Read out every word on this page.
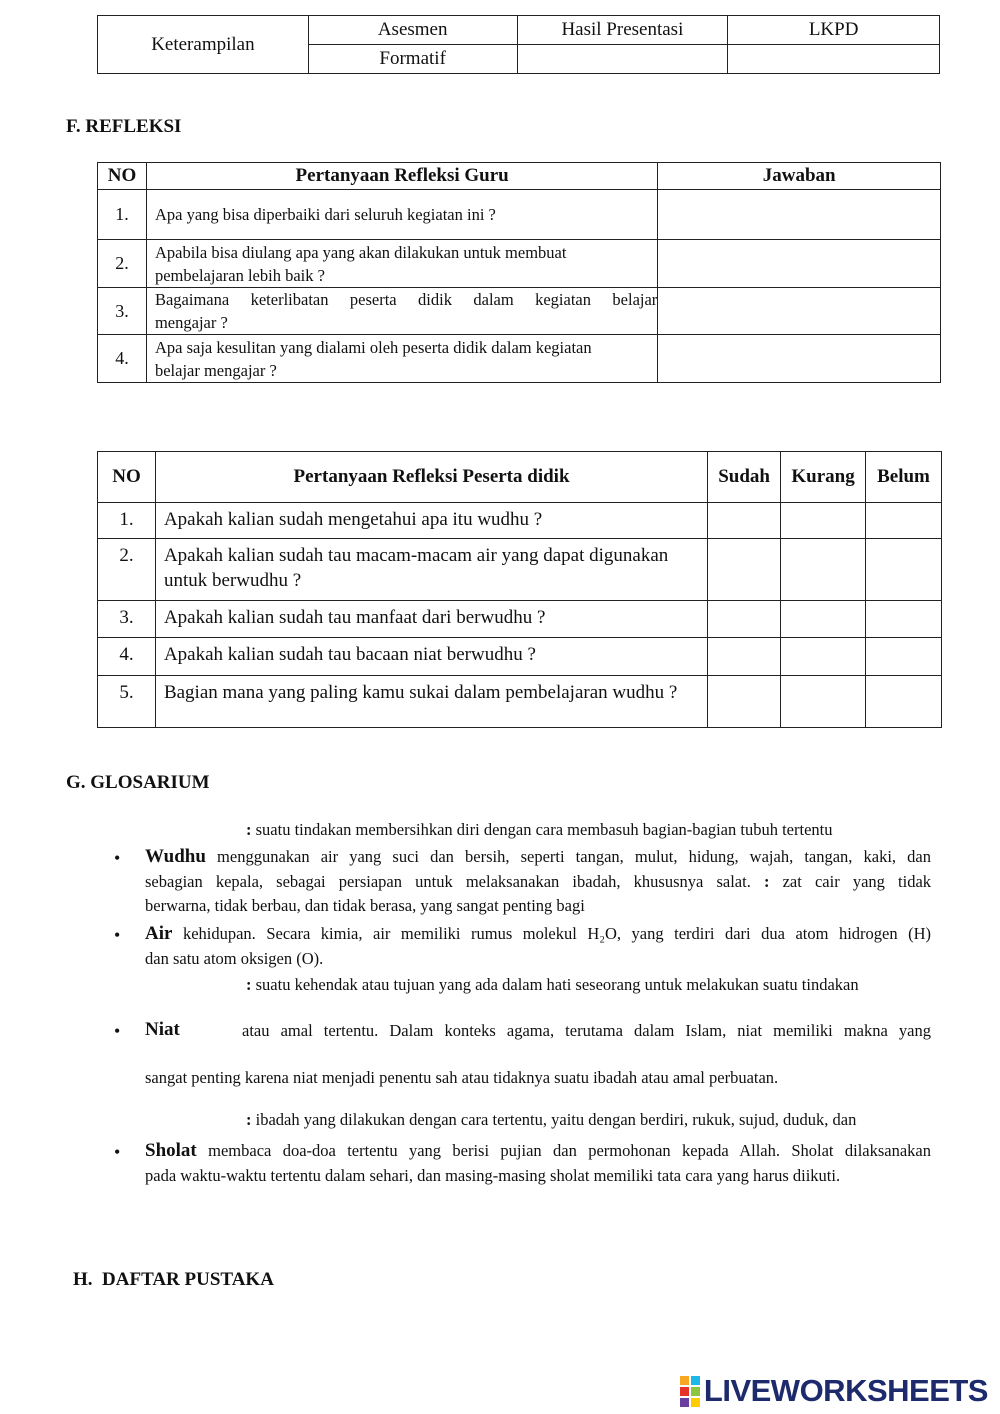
Keterampilan	Asesmen	Hasil Presentasi	LKPD
	Formatif		
F. REFLEKSI
NO	Pertanyaan Refleksi Guru	Jawaban
1.	Apa yang bisa diperbaiki dari seluruh kegiatan ini ?	
2.	Apabila bisa diulang apa yang akan dilakukan untuk membuat
pembelajaran lebih baik ?	

3.	Bagaimana keterlibatan peserta didik dalam kegiatan belajar
mengajar ?	

4.	Apa saja kesulitan yang dialami oleh peserta didik dalam kegiatan
belajar mengajar ?	

NO	Pertanyaan Refleksi Peserta didik	Sudah	Kurang	Belum
1.	Apakah kalian sudah mengetahui apa itu wudhu ?			
2.	Apakah kalian sudah tau macam-macam air yang dapat digunakan untuk berwudhu ?			
3.	Apakah kalian sudah tau manfaat dari berwudhu ?			
4.	Apakah kalian sudah tau bacaan niat berwudhu ?			
5.	Bagian mana yang paling kamu sukai dalam pembelajaran wudhu ?			
G. GLOSARIUM
: suatu tindakan membersihkan diri dengan cara membasuh bagian-bagian tubuh tertentu
• Wudhu menggunakan air yang suci dan bersih, seperti tangan, mulut, hidung, wajah, tangan, kaki, dan
sebagian kepala, sebagai persiapan untuk melaksanakan ibadah, khususnya salat. : zat cair yang tidak
berwarna, tidak berbau, dan tidak berasa, yang sangat penting bagi
• Air kehidupan. Secara kimia, air memiliki rumus molekul H₂O, yang terdiri dari dua atom hidrogen (H)
dan satu atom oksigen (O).
: suatu kehendak atau tujuan yang ada dalam hati seseorang untuk melakukan suatu tindakan
• Niat	atau amal tertentu. Dalam konteks agama, terutama dalam Islam, niat memiliki makna yang
sangat penting karena niat menjadi penentu sah atau tidaknya suatu ibadah atau amal perbuatan.
: ibadah yang dilakukan dengan cara tertentu, yaitu dengan berdiri, rukuk, sujud, duduk, dan
• Sholat membaca doa-doa tertentu yang berisi pujian dan permohonan kepada Allah. Sholat dilaksanakan
pada waktu-waktu tertentu dalam sehari, dan masing-masing sholat memiliki tata cara yang harus diikuti.
H.  DAFTAR PUSTAKA
LIVEWORKSHEETS
